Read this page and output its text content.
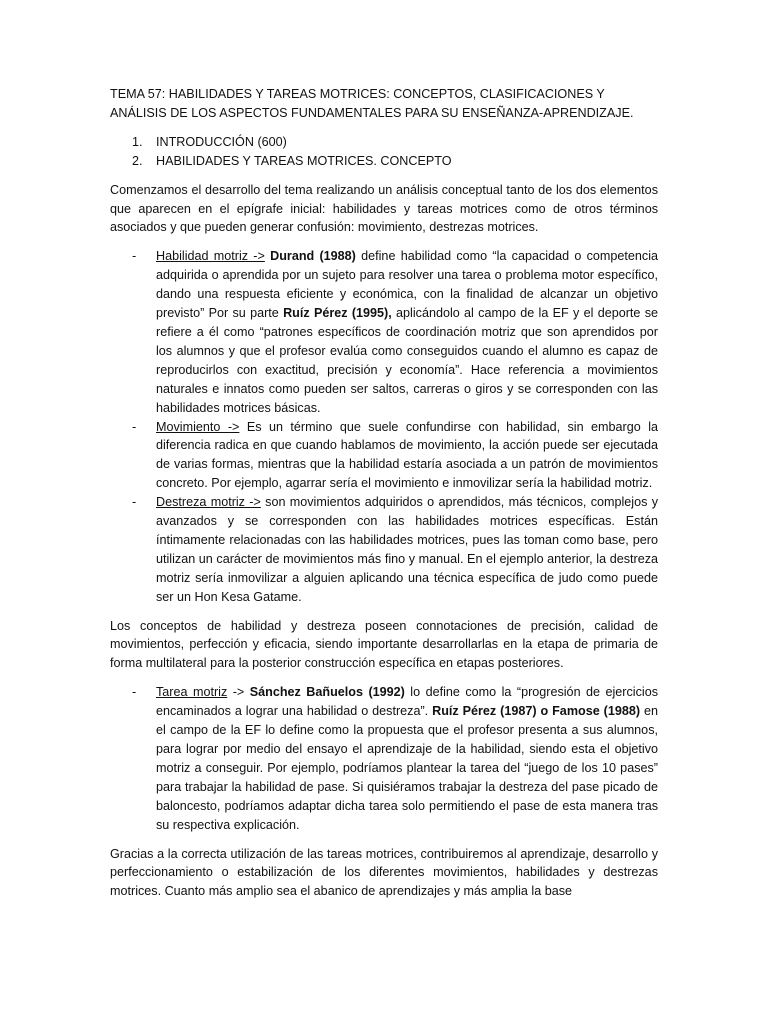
TEMA 57: HABILIDADES Y TAREAS MOTRICES: CONCEPTOS, CLASIFICACIONES Y ANÁLISIS DE LOS ASPECTOS FUNDAMENTALES PARA SU ENSEÑANZA-APRENDIZAJE.

1. INTRODUCCIÓN (600)
2. HABILIDADES Y TAREAS MOTRICES. CONCEPTO

Comenzamos el desarrollo del tema realizando un análisis conceptual tanto de los dos elementos que aparecen en el epígrafe inicial: habilidades y tareas motrices como de otros términos asociados y que pueden generar confusión: movimiento, destrezas motrices.

- Habilidad motriz -> Durand (1988) define habilidad como “la capacidad o competencia adquirida o aprendida por un sujeto para resolver una tarea o problema motor específico, dando una respuesta eficiente y económica, con la finalidad de alcanzar un objetivo previsto” Por su parte Ruíz Pérez (1995), aplicándolo al campo de la EF y el deporte se refiere a él como “patrones específicos de coordinación motriz que son aprendidos por los alumnos y que el profesor evalúa como conseguidos cuando el alumno es capaz de reproducirlos con exactitud, precisión y economía”. Hace referencia a movimientos naturales e innatos como pueden ser saltos, carreras o giros y se corresponden con las habilidades motrices básicas.
- Movimiento -> Es un término que suele confundirse con habilidad, sin embargo la diferencia radica en que cuando hablamos de movimiento, la acción puede ser ejecutada de varias formas, mientras que la habilidad estaría asociada a un patrón de movimientos concreto. Por ejemplo, agarrar sería el movimiento e inmovilizar sería la habilidad motriz.
- Destreza motriz -> son movimientos adquiridos o aprendidos, más técnicos, complejos y avanzados y se corresponden con las habilidades motrices específicas. Están íntimamente relacionadas con las habilidades motrices, pues las toman como base, pero utilizan un carácter de movimientos más fino y manual. En el ejemplo anterior, la destreza motriz sería inmovilizar a alguien aplicando una técnica específica de judo como puede ser un Hon Kesa Gatame.

Los conceptos de habilidad y destreza poseen connotaciones de precisión, calidad de movimientos, perfección y eficacia, siendo importante desarrollarlas en la etapa de primaria de forma multilateral para la posterior construcción específica en etapas posteriores.

- Tarea motriz -> Sánchez Bañuelos (1992) lo define como la “progresión de ejercicios encaminados a lograr una habilidad o destreza”. Ruíz Pérez (1987) o Famose (1988) en el campo de la EF lo define como la propuesta que el profesor presenta a sus alumnos, para lograr por medio del ensayo el aprendizaje de la habilidad, siendo esta el objetivo motriz a conseguir. Por ejemplo, podríamos plantear la tarea del “juego de los 10 pases” para trabajar la habilidad de pase. Si quisiéramos trabajar la destreza del pase picado de baloncesto, podríamos adaptar dicha tarea solo permitiendo el pase de esta manera tras su respectiva explicación.

Gracias a la correcta utilización de las tareas motrices, contribuiremos al aprendizaje, desarrollo y perfeccionamiento o estabilización de los diferentes movimientos, habilidades y destrezas motrices. Cuanto más amplio sea el abanico de aprendizajes y más amplia la base
